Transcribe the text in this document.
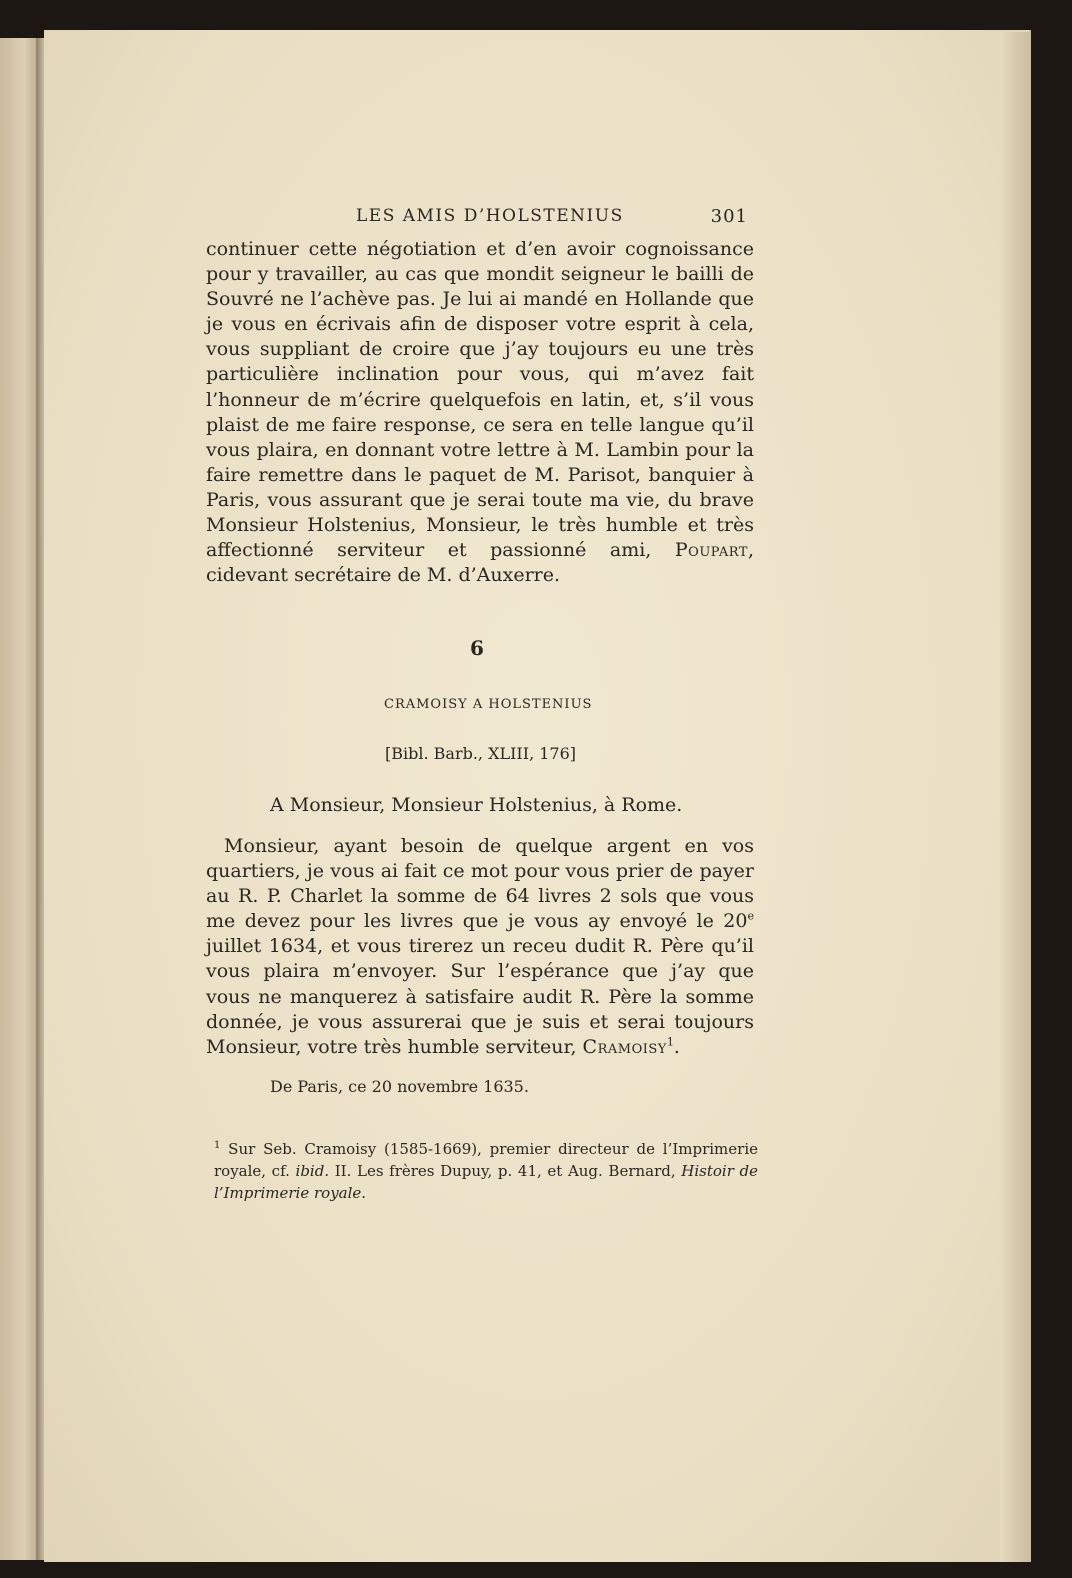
LES AMIS D’HOLSTENIUS	301
continuer cette négotiation et d’en avoir cognoissance pour y travailler, au cas que mondit seigneur le bailli de Souvré ne l’achève pas. Je lui ai mandé en Hollande que je vous en écrivais afin de disposer votre esprit à cela, vous suppliant de croire que j’ay toujours eu une très particulière inclination pour vous, qui m’avez fait l’honneur de m’écrire quelquefois en latin, et, s’il vous plaist de me faire response, ce sera en telle langue qu’il vous plaira, en donnant votre lettre à M. Lambin pour la faire remettre dans le paquet de M. Parisot, banquier à Paris, vous assurant que je serai toute ma vie, du brave Monsieur Holstenius, Monsieur, le très humble et très affectionné serviteur et passionné ami, Poupart, cidevant secrétaire de M. d’Auxerre.
6
CRAMOISY A HOLSTENIUS
[Bibl. Barb., XLIII, 176]
A Monsieur, Monsieur Holstenius, à Rome.
Monsieur, ayant besoin de quelque argent en vos quartiers, je vous ai fait ce mot pour vous prier de payer au R. P. Charlet la somme de 64 livres 2 sols que vous me devez pour les livres que je vous ay envoyé le 20e juillet 1634, et vous tirerez un receu dudit R. Père qu’il vous plaira m’envoyer. Sur l’espérance que j’ay que vous ne manquerez à satisfaire audit R. Père la somme donnée, je vous assurerai que je suis et serai toujours Monsieur, votre très humble serviteur, Cramoisy$^1$.
De Paris, ce 20 novembre 1635.
$^1$ Sur Seb. Cramoisy (1585-1669), premier directeur de l’Imprimerie royale, cf. ibid. II. Les frères Dupuy, p. 41, et Aug. Bernard, Histoir de l’Imprimerie royale.
